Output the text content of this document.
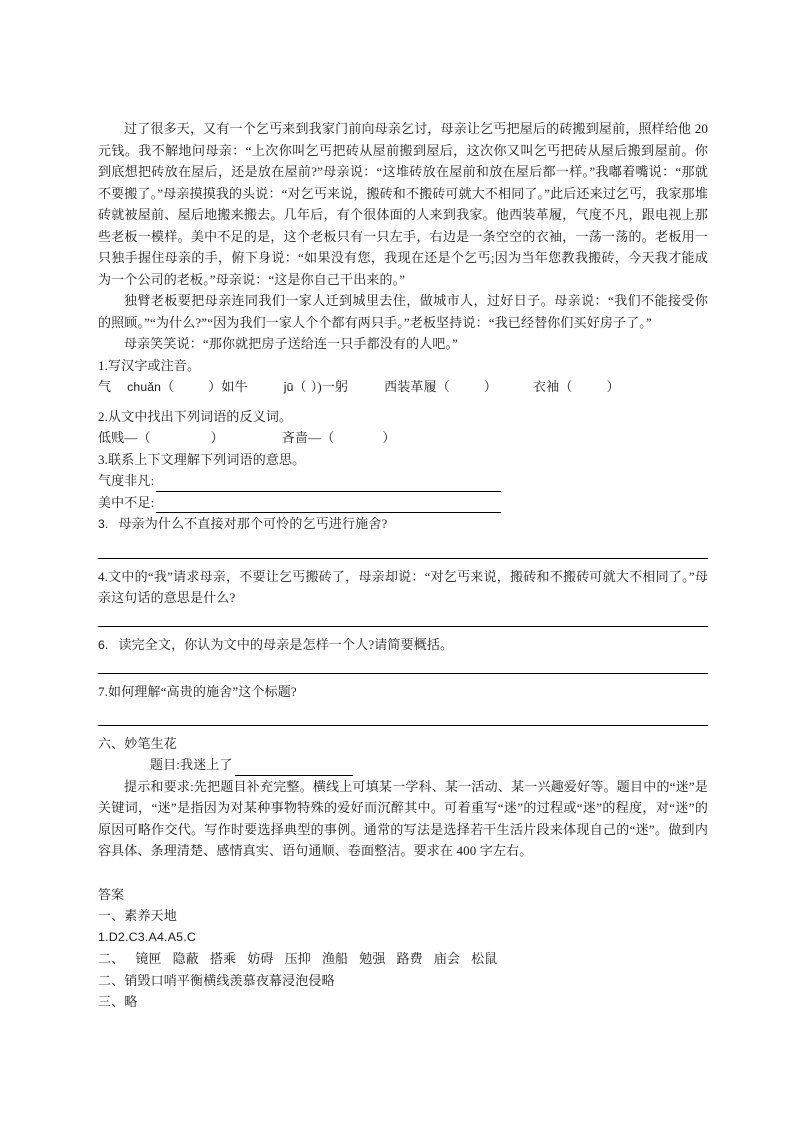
过了很多天，又有一个乞丐来到我家门前向母亲乞讨，母亲让乞丐把屋后的砖搬到屋前，照样给他 20 元钱。我不解地问母亲：“上次你叫乞丐把砖从屋前搬到屋后，这次你又叫乞丐把砖从屋后搬到屋前。你到底想把砖放在屋后，还是放在屋前?”母亲说：“这堆砖放在屋前和放在屋后都一样。”我嘟着嘴说：“那就不要搬了。”母亲摸摸我的头说：“对乞丐来说，搬砖和不搬砖可就大不相同了。”此后还来过乞丐，我家那堆砖就被屋前、屋后地搬来搬去。几年后，有个很体面的人来到我家。他西装革履，气度不凡，跟电视上那些老板一模样。美中不足的是，这个老板只有一只左手，右边是一条空空的衣袖，一荡一荡的。老板用一只独手握住母亲的手，俯下身说：“如果没有您，我现在还是个乞丐;因为当年您教我搬砖，今天我才能成为一个公司的老板。”母亲说：“这是你自己干出来的。”

独臂老板要把母亲连同我们一家人迁到城里去住，做城市人，过好日子。母亲说：“我们不能接受你的照顾。”“为什么?”“因为我们一家人个个都有两只手。”老板坚持说：“我已经替你们买好房子了。”

母亲笑笑说：“那你就把房子送给连一只手都没有的人吧。”

1.写汉字或注音。

气 chuǎn（	）如牛	jū（ ）)一躬	西装革履（	）	衣袖（	）

2.从文中找出下列词语的反义词。

低贱—（	）	吝啬—（	）

3.联系上下文理解下列词语的意思。

气度非凡:
美中不足:

3. 母亲为什么不直接对那个可怜的乞丐进行施舍?

4.文中的“我”请求母亲，不要让乞丐搬砖了，母亲却说：“对乞丐来说，搬砖和不搬砖可就大不相同了。”母亲这句话的意思是什么?

6. 读完全文，你认为文中的母亲是怎样一个人?请简要概括。

7.如何理解“高贵的施舍”这个标题?

六、妙笔生花

题目:我迷上了

提示和要求:先把题目补充完整。横线上可填某一学科、某一活动、某一兴趣爱好等。题目中的“迷”是关键词，“迷”是指因为对某种事物特殊的爱好而沉醉其中。可着重写“迷”的过程或“迷”的程度，对“迷”的原因可略作交代。写作时要选择典型的事例。通常的写法是选择若干生活片段来体现自己的“迷”。做到内容具体、条理清楚、感情真实、语句通顺、卷面整洁。要求在 400 字左右。

答案

一、素养天地

1.D2.C3.A4.A5.C

二、 镜匣 隐蔽 搭乘 妨碍 压抑 渔船 勉强 路费 庙会 松鼠

二、销毁口哨平衡横线羡慕夜幕浸泡侵略

三、略
